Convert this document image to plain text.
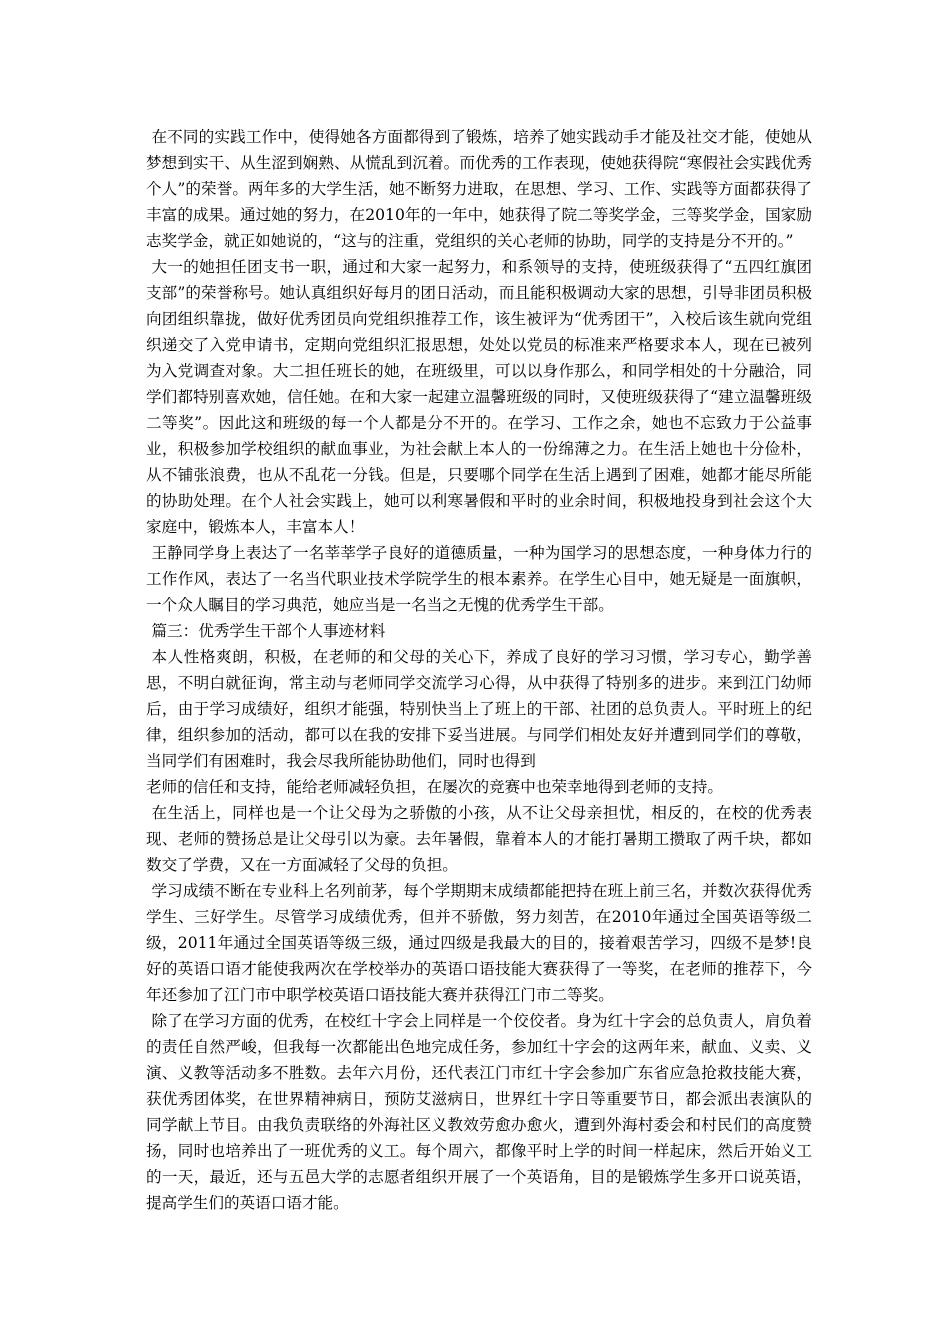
在不同的实践工作中，使得她各方面都得到了锻炼，培养了她实践动手才能及社交才能，使她从梦想到实干、从生涩到娴熟、从慌乱到沉着。而优秀的工作表现，使她获得院“寒假社会实践优秀个人”的荣誉。两年多的大学生活，她不断努力进取，在思想、学习、工作、实践等方面都获得了丰富的成果。通过她的努力，在2010年的一年中，她获得了院二等奖学金，三等奖学金，国家励志奖学金，就正如她说的，“这与的注重，党组织的关心老师的协助，同学的支持是分不开的。”

大一的她担任团支书一职，通过和大家一起努力，和系领导的支持，使班级获得了“五四红旗团支部”的荣誉称号。她认真组织好每月的团日活动，而且能积极调动大家的思想，引导非团员积极向团组织靠拢，做好优秀团员向党组织推荐工作，该生被评为“优秀团干”，入校后该生就向党组织递交了入党申请书，定期向党组织汇报思想，处处以党员的标准来严格要求本人，现在已被列为入党调查对象。大二担任班长的她，在班级里，可以以身作那么，和同学相处的十分融洽，同学们都特别喜欢她，信任她。在和大家一起建立温馨班级的同时，又使班级获得了“建立温馨班级二等奖”。因此这和班级的每一个人都是分不开的。在学习、工作之余，她也不忘致力于公益事业，积极参加学校组织的献血事业，为社会献上本人的一份绵薄之力。在生活上她也十分俭朴，从不铺张浪费，也从不乱花一分钱。但是，只要哪个同学在生活上遇到了困难，她都才能尽所能的协助处理。在个人社会实践上，她可以利寒暑假和平时的业余时间，积极地投身到社会这个大家庭中，锻炼本人，丰富本人！

王静同学身上表达了一名莘莘学子良好的道德质量，一种为国学习的思想态度，一种身体力行的工作作风，表达了一名当代职业技术学院学生的根本素养。在学生心目中，她无疑是一面旗帜，一个众人瞩目的学习典范，她应当是一名当之无愧的优秀学生干部。

篇三：优秀学生干部个人事迹材料

本人性格爽朗，积极，在老师的和父母的关心下，养成了良好的学习习惯，学习专心，勤学善思，不明白就征询，常主动与老师同学交流学习心得，从中获得了特别多的进步。来到江门幼师后，由于学习成绩好，组织才能强，特别快当上了班上的干部、社团的总负责人。平时班上的纪律，组织参加的活动，都可以在我的安排下妥当进展。与同学们相处友好并遭到同学们的尊敬，当同学们有困难时，我会尽我所能协助他们，同时也得到

老师的信任和支持，能给老师减轻负担，在屡次的竞赛中也荣幸地得到老师的支持。

在生活上，同样也是一个让父母为之骄傲的小孩，从不让父母亲担忧，相反的，在校的优秀表现、老师的赞扬总是让父母引以为豪。去年暑假，靠着本人的才能打暑期工攒取了两千块，都如数交了学费，又在一方面减轻了父母的负担。

学习成绩不断在专业科上名列前茅，每个学期期末成绩都能把持在班上前三名，并数次获得优秀学生、三好学生。尽管学习成绩优秀，但并不骄傲，努力刻苦，在2010年通过全国英语等级二级，2011年通过全国英语等级三级，通过四级是我最大的目的，接着艰苦学习，四级不是梦!良好的英语口语才能使我两次在学校举办的英语口语技能大赛获得了一等奖，在老师的推荐下，今年还参加了江门市中职学校英语口语技能大赛并获得江门市二等奖。

除了在学习方面的优秀，在校红十字会上同样是一个佼佼者。身为红十字会的总负责人，肩负着的责任自然严峻，但我每一次都能出色地完成任务，参加红十字会的这两年来，献血、义卖、义演、义教等活动多不胜数。去年六月份，还代表江门市红十字会参加广东省应急抢救技能大赛，获优秀团体奖，在世界精神病日，预防艾滋病日，世界红十字日等重要节日，都会派出表演队的同学献上节目。由我负责联络的外海社区义教效劳愈办愈火，遭到外海村委会和村民们的高度赞扬，同时也培养出了一班优秀的义工。每个周六，都像平时上学的时间一样起床，然后开始义工的一天，最近，还与五邑大学的志愿者组织开展了一个英语角，目的是锻炼学生多开口说英语，提高学生们的英语口语才能。
